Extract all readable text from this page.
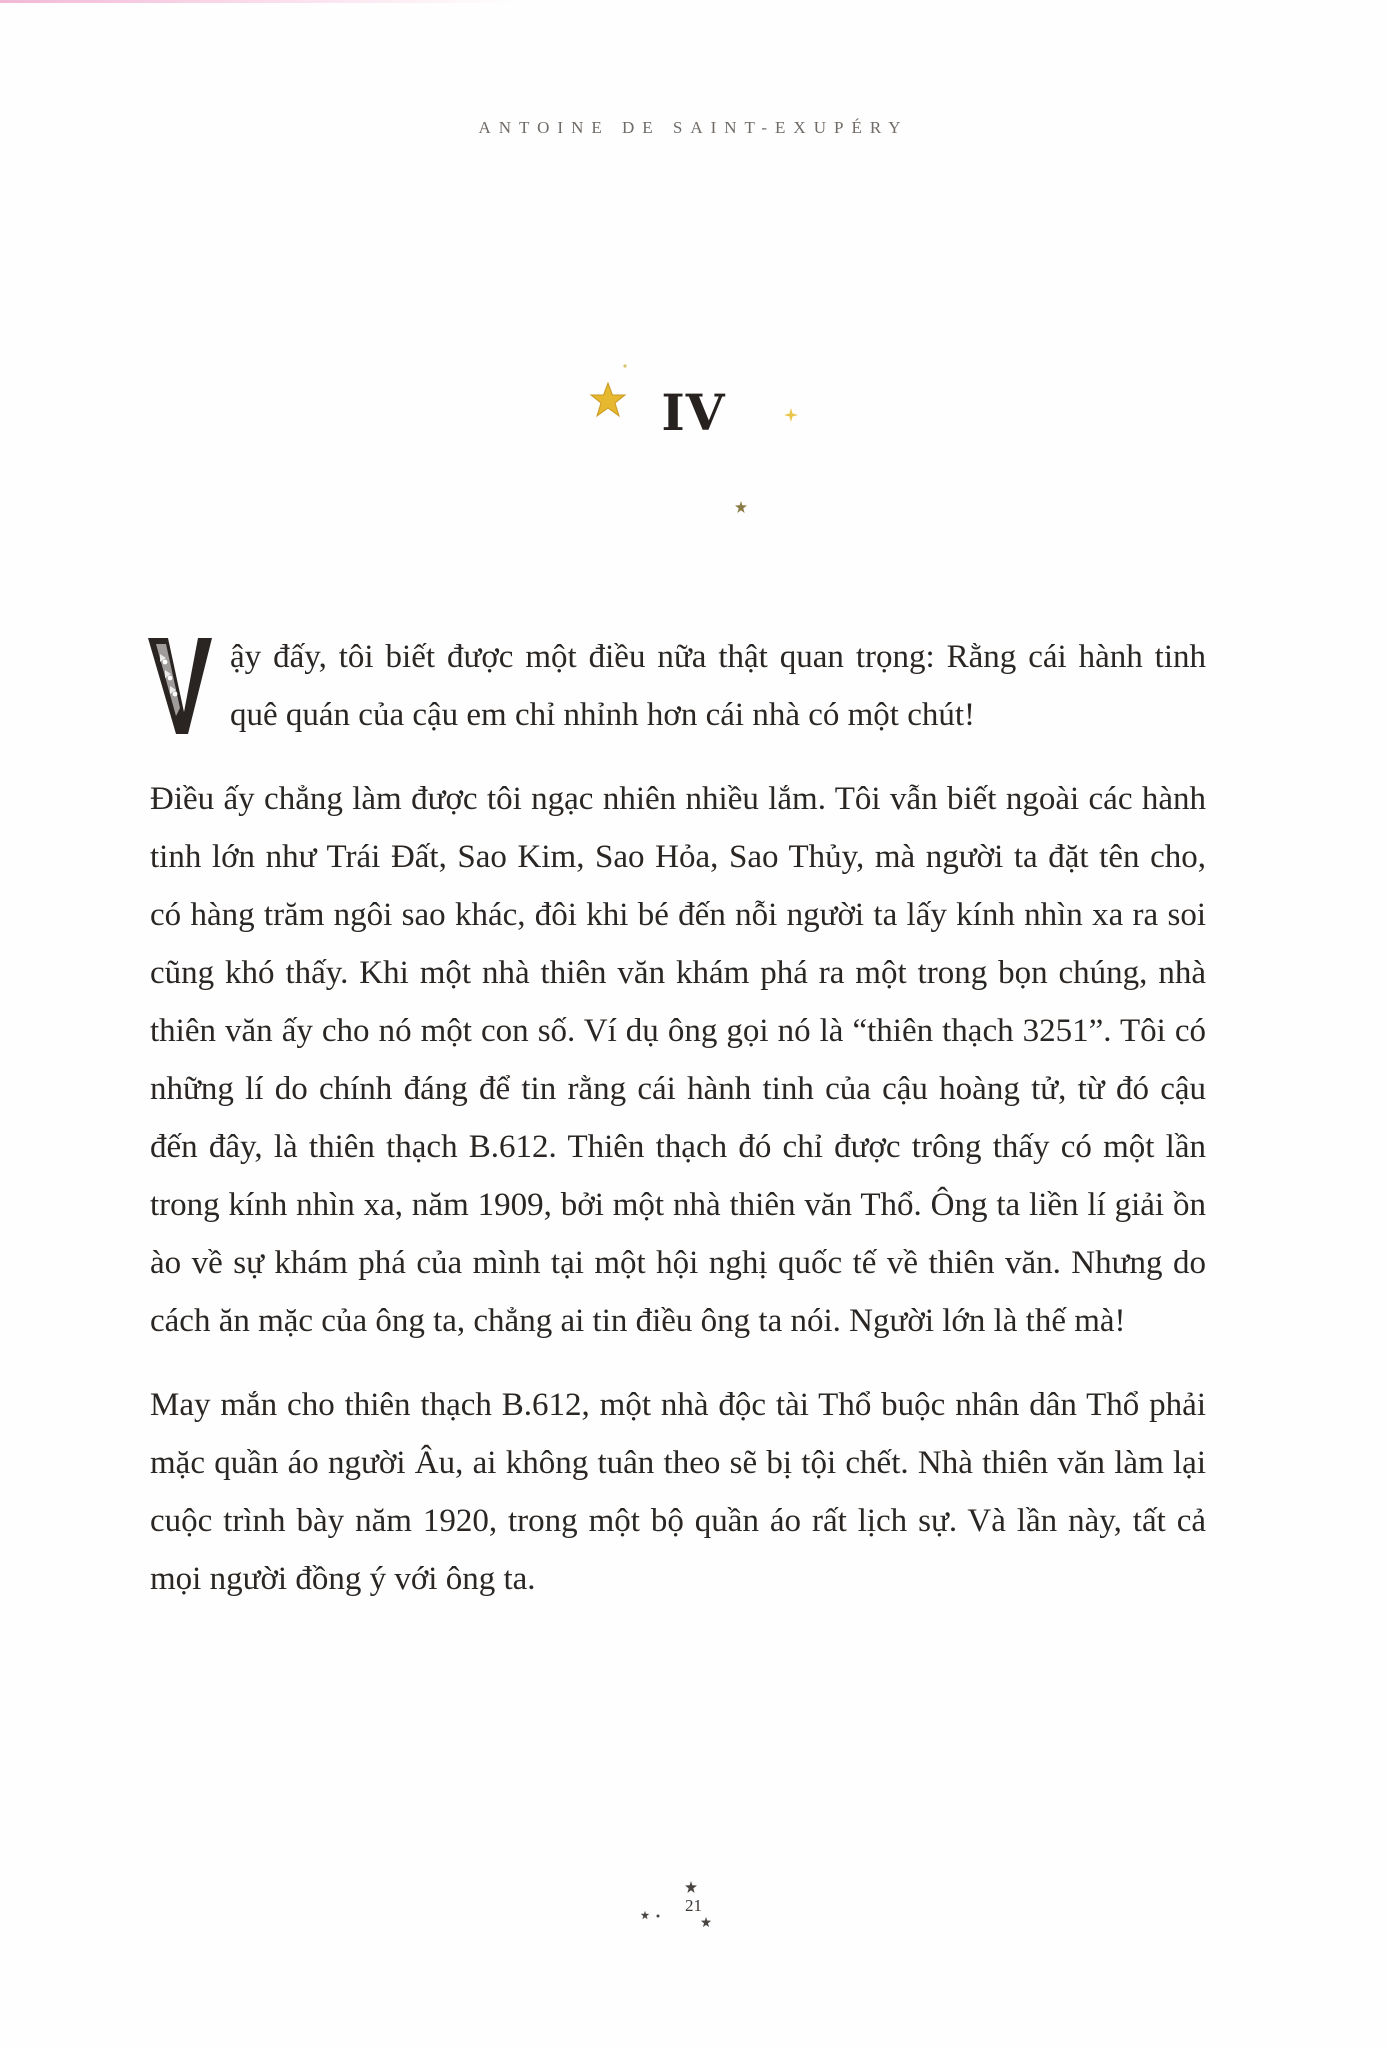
ANTOINE DE SAINT-EXUPÉRY
IV

V
ậy đấy, tôi biết được một điều nữa thật quan trọng: Rằng cái hành tinh quê quán của cậu em chỉ nhỉnh hơn cái nhà có một chút!

Điều ấy chẳng làm được tôi ngạc nhiên nhiều lắm. Tôi vẫn biết ngoài các hành tinh lớn như Trái Đất, Sao Kim, Sao Hỏa, Sao Thủy, mà người ta đặt tên cho, có hàng trăm ngôi sao khác, đôi khi bé đến nỗi người ta lấy kính nhìn xa ra soi cũng khó thấy. Khi một nhà thiên văn khám phá ra một trong bọn chúng, nhà thiên văn ấy cho nó một con số. Ví dụ ông gọi nó là “thiên thạch 3251”. Tôi có những lí do chính đáng để tin rằng cái hành tinh của cậu hoàng tử, từ đó cậu đến đây, là thiên thạch B.612. Thiên thạch đó chỉ được trông thấy có một lần trong kính nhìn xa, năm 1909, bởi một nhà thiên văn Thổ. Ông ta liền lí giải ồn ào về sự khám phá của mình tại một hội nghị quốc tế về thiên văn. Nhưng do cách ăn mặc của ông ta, chẳng ai tin điều ông ta nói. Người lớn là thế mà!

May mắn cho thiên thạch B.612, một nhà độc tài Thổ buộc nhân dân Thổ phải mặc quần áo người Âu, ai không tuân theo sẽ bị tội chết. Nhà thiên văn làm lại cuộc trình bày năm 1920, trong một bộ quần áo rất lịch sự. Và lần này, tất cả mọi người đồng ý với ông ta.

21
